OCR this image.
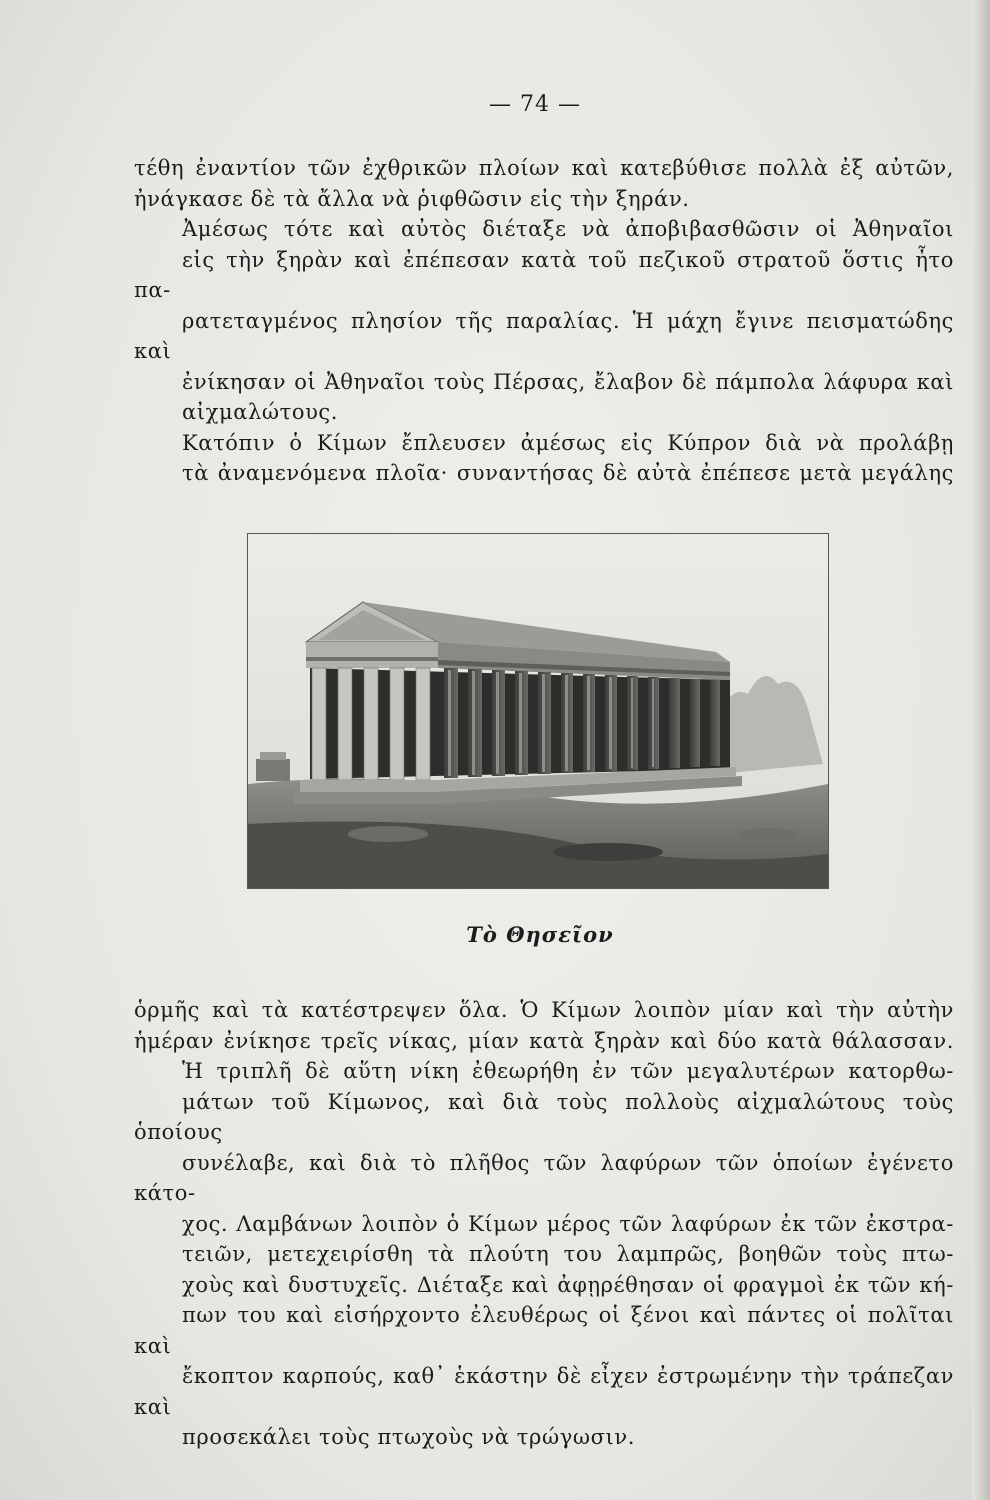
— 74 —

τέθη ἐναντίον τῶν ἐχθρικῶν πλοίων καὶ κατεβύθισε πολλὰ ἐξ αὐτῶν,
ἠνάγκασε δὲ τὰ ἄλλα νὰ ῥιφθῶσιν εἰς τὴν ξηράν.

Ἀμέσως τότε καὶ αὐτὸς διέταξε νὰ ἀποβιβασθῶσιν οἱ Ἀθηναῖοι
εἰς τὴν ξηρὰν καὶ ἐπέπεσαν κατὰ τοῦ πεζικοῦ στρατοῦ ὅστις ἦτο πα-
ρατεταγμένος πλησίον τῆς παραλίας. Ἡ μάχη ἔγινε πεισματώδης καὶ
ἐνίκησαν οἱ Ἀθηναῖοι τοὺς Πέρσας, ἔλαβον δὲ πάμπολα λάφυρα καὶ
αἰχμαλώτους.

Κατόπιν ὁ Κίμων ἔπλευσεν ἀμέσως εἰς Κύπρον διὰ νὰ προλάβῃ
τὰ ἀναμενόμενα πλοῖα· συναντήσας δὲ αὐτὰ ἐπέπεσε μετὰ μεγάλης

Τὸ Θησεῖον

ὁρμῆς καὶ τὰ κατέστρεψεν ὅλα. Ὁ Κίμων λοιπὸν μίαν καὶ τὴν αὐτὴν
ἡμέραν ἐνίκησε τρεῖς νίκας, μίαν κατὰ ξηρὰν καὶ δύο κατὰ θάλασσαν.

Ἡ τριπλῆ δὲ αὕτη νίκη ἐθεωρήθη ἐν τῶν μεγαλυτέρων κατορθω-
μάτων τοῦ Κίμωνος, καὶ διὰ τοὺς πολλοὺς αἰχμαλώτους τοὺς ὁποίους
συνέλαβε, καὶ διὰ τὸ πλῆθος τῶν λαφύρων τῶν ὁποίων ἐγένετο κάτο-
χος. Λαμβάνων λοιπὸν ὁ Κίμων μέρος τῶν λαφύρων ἐκ τῶν ἐκστρα-
τειῶν, μετεχειρίσθη τὰ πλούτη του λαμπρῶς, βοηθῶν τοὺς πτω-
χοὺς καὶ δυστυχεῖς. Διέταξε καὶ ἀφῃρέθησαν οἱ φραγμοὶ ἐκ τῶν κή-
πων του καὶ εἰσήρχοντο ἐλευθέρως οἱ ξένοι καὶ πάντες οἱ πολῖται καὶ
ἔκοπτον καρπούς, καθ᾽ ἑκάστην δὲ εἶχεν ἐστρωμένην τὴν τράπεζαν καὶ
προσεκάλει τοὺς πτωχοὺς νὰ τρώγωσιν.
